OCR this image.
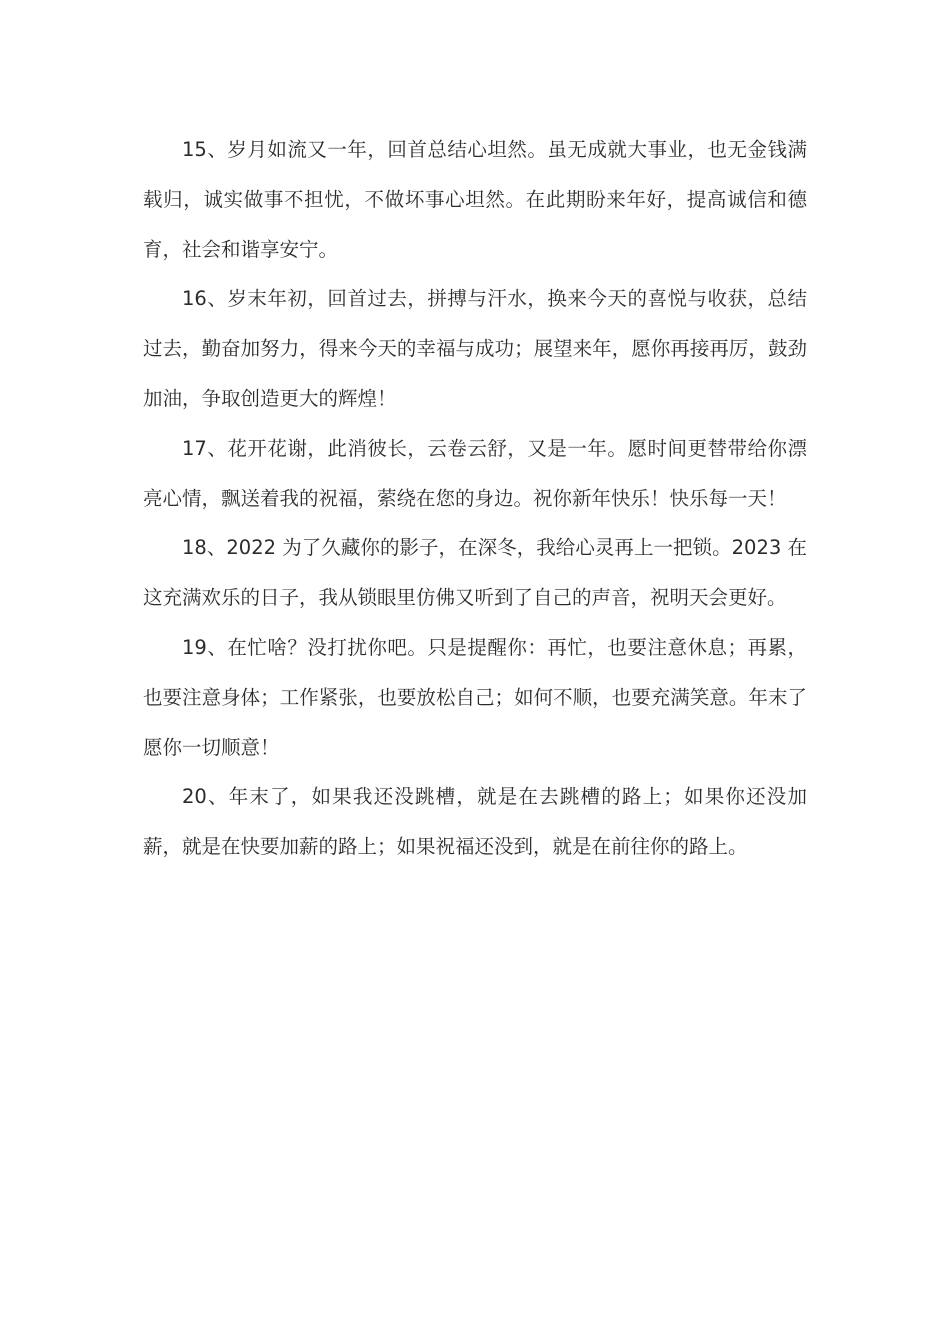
15、岁月如流又一年，回首总结心坦然。虽无成就大事业，也无金钱满载归，诚实做事不担忧，不做坏事心坦然。在此期盼来年好，提高诚信和德育，社会和谐享安宁。

16、岁末年初，回首过去，拼搏与汗水，换来今天的喜悦与收获，总结过去，勤奋加努力，得来今天的幸福与成功；展望来年，愿你再接再厉，鼓劲加油，争取创造更大的辉煌！

17、花开花谢，此消彼长，云卷云舒，又是一年。愿时间更替带给你漂亮心情，飘送着我的祝福，萦绕在您的身边。祝你新年快乐！快乐每一天！

18、2022 为了久藏你的影子，在深冬，我给心灵再上一把锁。2023 在这充满欢乐的日子，我从锁眼里仿佛又听到了自己的声音，祝明天会更好。

19、在忙啥？没打扰你吧。只是提醒你：再忙，也要注意休息；再累，也要注意身体；工作紧张，也要放松自己；如何不顺，也要充满笑意。年末了愿你一切顺意！

20、年末了，如果我还没跳槽，就是在去跳槽的路上；如果你还没加薪，就是在快要加薪的路上；如果祝福还没到，就是在前往你的路上。
